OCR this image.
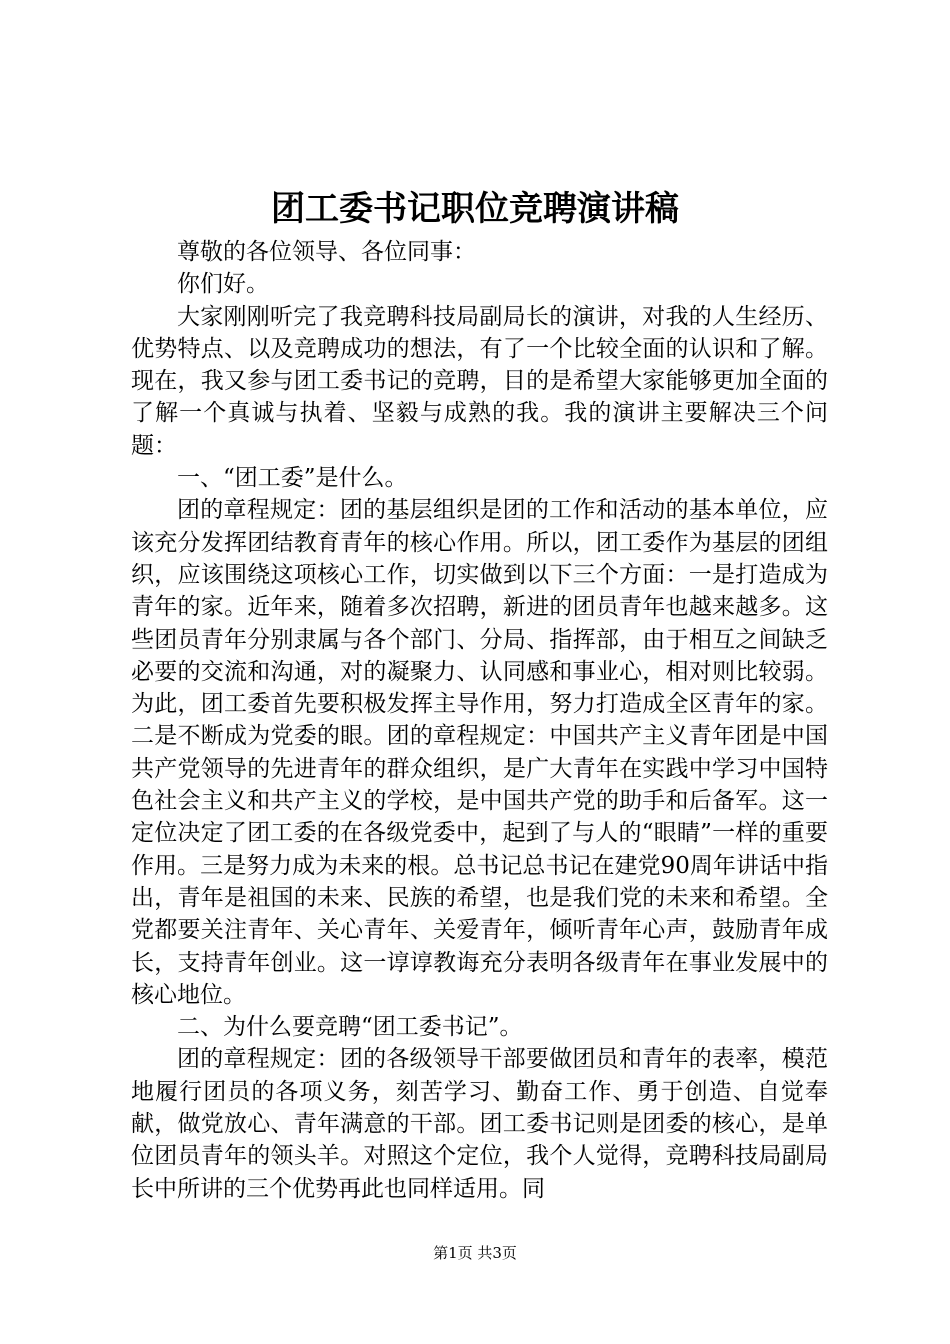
团工委书记职位竞聘演讲稿

尊敬的各位领导、各位同事：

你们好。

大家刚刚听完了我竞聘科技局副局长的演讲，对我的人生经历、优势特点、以及竞聘成功的想法，有了一个比较全面的认识和了解。现在，我又参与团工委书记的竞聘，目的是希望大家能够更加全面的了解一个真诚与执着、坚毅与成熟的我。我的演讲主要解决三个问题：

一、“团工委”是什么。

团的章程规定：团的基层组织是团的工作和活动的基本单位，应该充分发挥团结教育青年的核心作用。所以，团工委作为基层的团组织，应该围绕这项核心工作，切实做到以下三个方面：一是打造成为青年的家。近年来，随着多次招聘，新进的团员青年也越来越多。这些团员青年分别隶属与各个部门、分局、指挥部，由于相互之间缺乏必要的交流和沟通，对的凝聚力、认同感和事业心，相对则比较弱。为此，团工委首先要积极发挥主导作用，努力打造成全区青年的家。二是不断成为党委的眼。团的章程规定：中国共产主义青年团是中国共产党领导的先进青年的群众组织，是广大青年在实践中学习中国特色社会主义和共产主义的学校，是中国共产党的助手和后备军。这一定位决定了团工委的在各级党委中，起到了与人的“眼睛”一样的重要作用。三是努力成为未来的根。总书记总书记在建党90周年讲话中指出，青年是祖国的未来、民族的希望，也是我们党的未来和希望。全党都要关注青年、关心青年、关爱青年，倾听青年心声，鼓励青年成长，支持青年创业。这一谆谆教诲充分表明各级青年在事业发展中的核心地位。

二、为什么要竞聘“团工委书记”。

团的章程规定：团的各级领导干部要做团员和青年的表率，模范地履行团员的各项义务，刻苦学习、勤奋工作、勇于创造、自觉奉献，做党放心、青年满意的干部。团工委书记则是团委的核心，是单位团员青年的领头羊。对照这个定位，我个人觉得，竞聘科技局副局长中所讲的三个优势再此也同样适用。同

第1页 共3页
